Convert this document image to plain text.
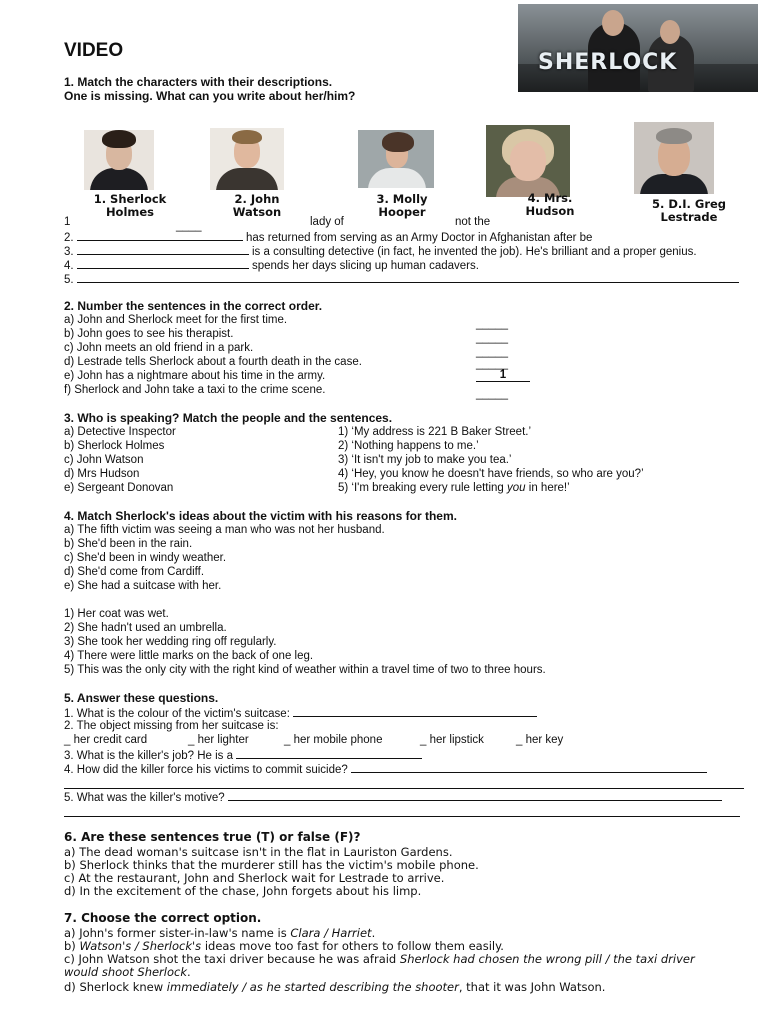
VIDEO	SHERLOCK
1. Match the characters with their descriptions.
One is missing. What can you write about her/him?
1. Sherlock Holmes
2. John Watson
3. Molly Hooper
4. Mrs. Hudson	5. D.I. Greg Lestrade
1	____	lady of	not the
2.	has returned from serving as an Army Doctor in Afghanistan after be
3.	is a consulting detective (in fact, he invented the job). He's brilliant and a proper genius.
4.	spends her days slicing up human cadavers.
5.
2. Number the sentences in the correct order.
a) John and Sherlock meet for the first time.
b) John goes to see his therapist.
c) John meets an old friend in a park.
d) Lestrade tells Sherlock about a fourth death in the case.
e) John has a nightmare about his time in the army.
f) Sherlock and John take a taxi to the crime scene.
_____
_____
_____
_____
1
_____
3. Who is speaking? Match the people and the sentences.
a) Detective Inspector
b) Sherlock Holmes
c) John Watson
d) Mrs Hudson
e) Sergeant Donovan
1) ‘My address is 221 B Baker Street.’
2) ‘Nothing happens to me.’
3) ‘It isn't my job to make you tea.’
4) ‘Hey, you know he doesn't have friends, so who are you?’
5) ‘I'm breaking every rule letting you in here!’
4. Match Sherlock's ideas about the victim with his reasons for them.
a) The fifth victim was seeing a man who was not her husband.
b) She'd been in the rain.
c) She'd been in windy weather.
d) She'd come from Cardiff.
e) She had a suitcase with her.
1) Her coat was wet.
2) She hadn't used an umbrella.
3) She took her wedding ring off regularly.
4) There were little marks on the back of one leg.
5) This was the only city with the right kind of weather within a travel time of two to three hours.
5. Answer these questions.
1. What is the colour of the victim's suitcase:
2. The object missing from her suitcase is:
_ her credit card	_ her lighter	_ her mobile phone	_ her lipstick	_ her key
3. What is the killer's job? He is a
4. How did the killer force his victims to commit suicide?
5. What was the killer's motive?
6. Are these sentences true (T) or false (F)?
a) The dead woman's suitcase isn't in the flat in Lauriston Gardens.
b) Sherlock thinks that the murderer still has the victim's mobile phone.
c) At the restaurant, John and Sherlock wait for Lestrade to arrive.
d) In the excitement of the chase, John forgets about his limp.
7. Choose the correct option.
a) John's former sister-in-law's name is Clara / Harriet.
b) Watson's / Sherlock's ideas move too fast for others to follow them easily.
c) John Watson shot the taxi driver because he was afraid Sherlock had chosen the wrong pill / the taxi driver
would shoot Sherlock.
d) Sherlock knew immediately / as he started describing the shooter, that it was John Watson.
